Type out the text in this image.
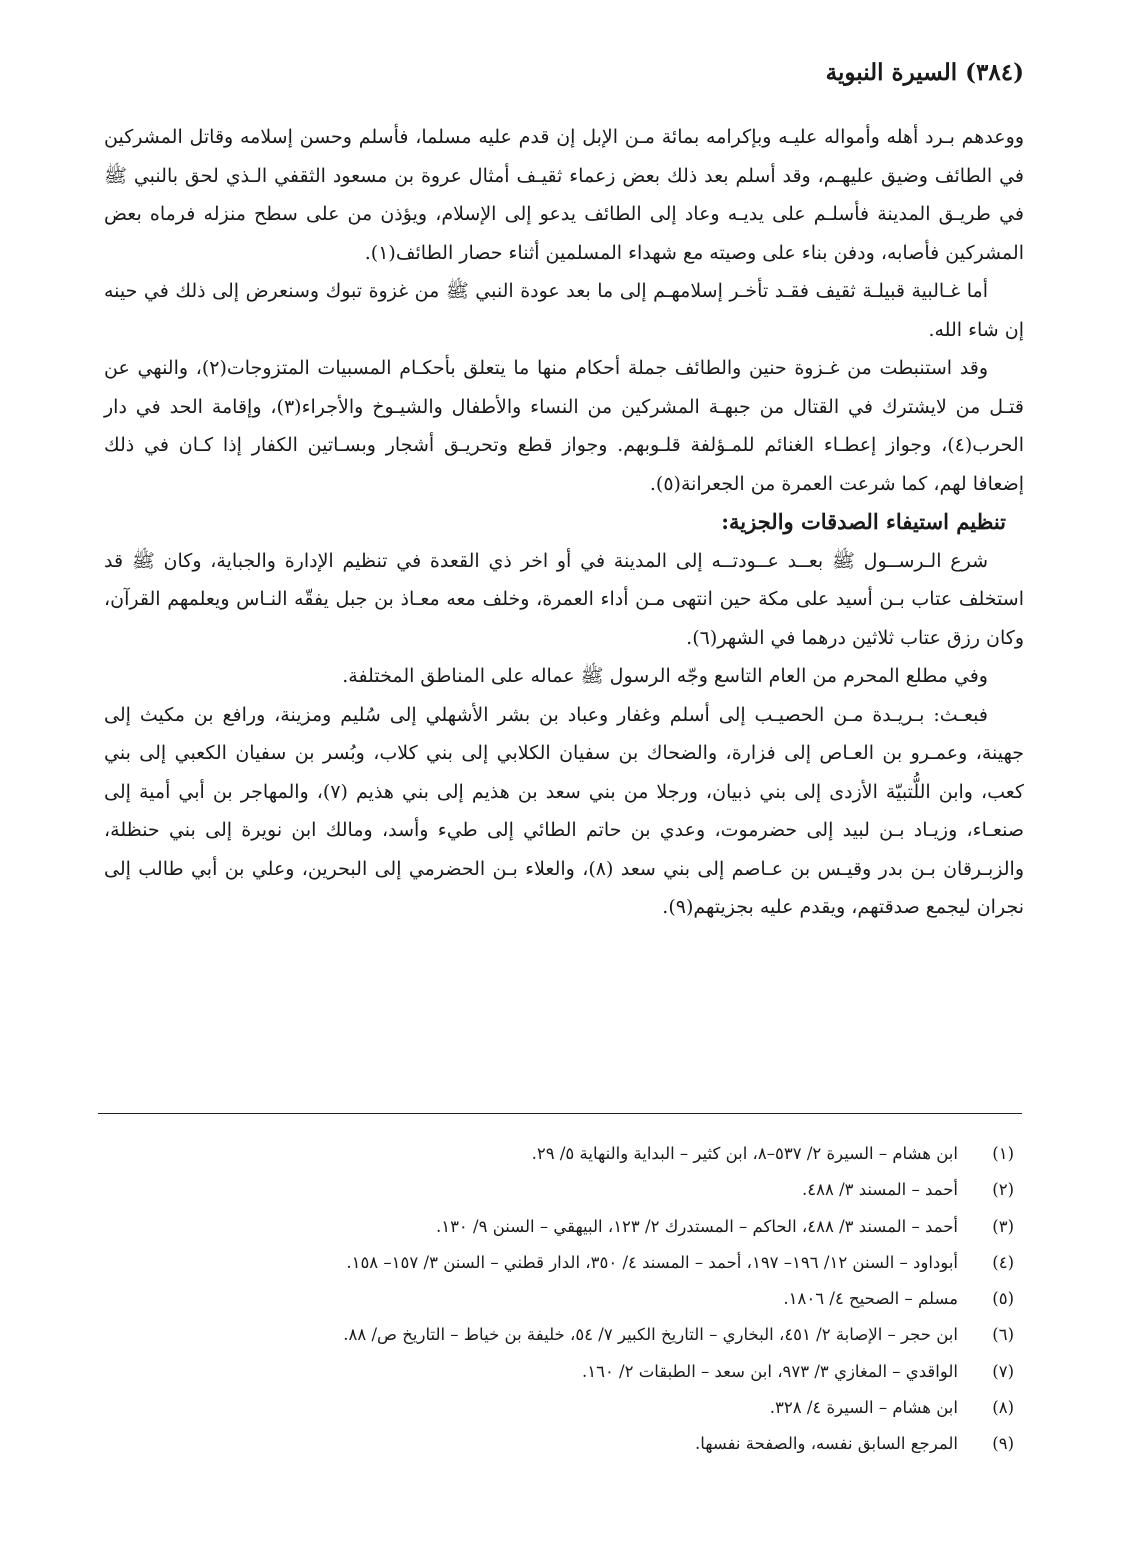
(٣٨٤) السيرة النبوية

ووعدهم بـرد أهله وأمواله عليـه وبإكرامه بمائة مـن الإبل إن قدم عليه مسلما، فأسلم وحسن إسلامه وقاتل المشركين في الطائف وضيق عليهـم، وقد أسلم بعد ذلك بعض زعماء ثقيـف أمثال عروة بن مسعود الثقفي الـذي لحق بالنبي ﷺ في طريـق المدينة فأسلـم على يديـه وعاد إلى الطائف يدعو إلى الإسلام، ويؤذن من على سطح منزله فرماه بعض المشركين فأصابه، ودفن بناء على وصيته مع شهداء المسلمين أثناء حصار الطائف(١).

أما غـالبية قبيلـة ثقيف فقـد تأخـر إسلامهـم إلى ما بعد عودة النبي ﷺ من غزوة تبوك وسنعرض إلى ذلك في حينه إن شاء الله.

وقد استنبطت من غـزوة حنين والطائف جملة أحكام منها ما يتعلق بأحكـام المسبيات المتزوجات(٢)، والنهي عن قتـل من لايشترك في القتال من جبهـة المشركين من النساء والأطفال والشيـوخ والأجراء(٣)، وإقامة الحد في دار الحرب(٤)، وجواز إعطـاء الغنائم للمـؤلفة قلـوبهم. وجواز قطع وتحريـق أشجار وبسـاتين الكفار إذا كـان في ذلك إضعافا لهم، كما شرعت العمرة من الجعرانة(٥).

تنظيم استيفاء الصدقات والجزية:

شرع الـرســول ﷺ بعــد عــودتــه إلى المدينة في أو اخر ذي القعدة في تنظيم الإدارة والجباية، وكان ﷺ قد استخلف عتاب بـن أسيد على مكة حين انتهى مـن أداء العمرة، وخلف معه معـاذ بن جبل يفقّه النـاس ويعلمهم القرآن، وكان رزق عتاب ثلاثين درهما في الشهر(٦).

وفي مطلع المحرم من العام التاسع وجّه الرسول ﷺ عماله على المناطق المختلفة.

فبعـث: بـريـدة مـن الحصيـب إلى أسلم وغفار وعباد بن بشر الأشهلي إلى سُليم ومزينة، ورافع بن مكيث إلى جهينة، وعمـرو بن العـاص إلى فزارة، والضحاك بن سفيان الكلابي إلى بني كلاب، وبُسر بن سفيان الكعبي إلى بني كعب، وابن اللُّتبيّة الأزدى إلى بني ذبيان، ورجلا من بني سعد بن هذيم إلى بني هذيم (٧)، والمهاجر بن أبي أمية إلى صنعـاء، وزيـاد بـن لبيد إلى حضرموت، وعدي بن حاتم الطائي إلى طيء وأسد، ومالك ابن نويرة إلى بني حنظلة، والزبـرقان بـن بدر وقيـس بن عـاصم إلى بني سعد (٨)، والعلاء بـن الحضرمي إلى البحرين، وعلي بن أبي طالب إلى نجران ليجمع صدقتهم، ويقدم عليه بجزيتهم(٩).

(١)
ابن هشام – السيرة ٢/ ٥٣٧–٨، ابن كثير – البداية والنهاية ٥/ ٢٩.
(٢)
أحمد – المسند ٣/ ٤٨٨.
(٣)
أحمد – المسند ٣/ ٤٨٨، الحاكم – المستدرك ٢/ ١٢٣، البيهقي – السنن ٩/ ١٣٠.
(٤)
أبوداود – السنن ١٢/ ١٩٦– ١٩٧، أحمد – المسند ٤/ ٣٥٠، الدار قطني – السنن ٣/ ١٥٧– ١٥٨.
(٥)
مسلم – الصحيح ٤/ ١٨٠٦.
(٦)
ابن حجر – الإصابة ٢/ ٤٥١، البخاري – التاريخ الكبير ٧/ ٥٤، خليفة بن خياط – التاريخ ص/ ٨٨.
(٧)
الواقدي – المغازي ٣/ ٩٧٣، ابن سعد – الطبقات ٢/ ١٦٠.
(٨)
ابن هشام – السيرة ٤/ ٣٢٨.
(٩)
المرجع السابق نفسه، والصفحة نفسها.
